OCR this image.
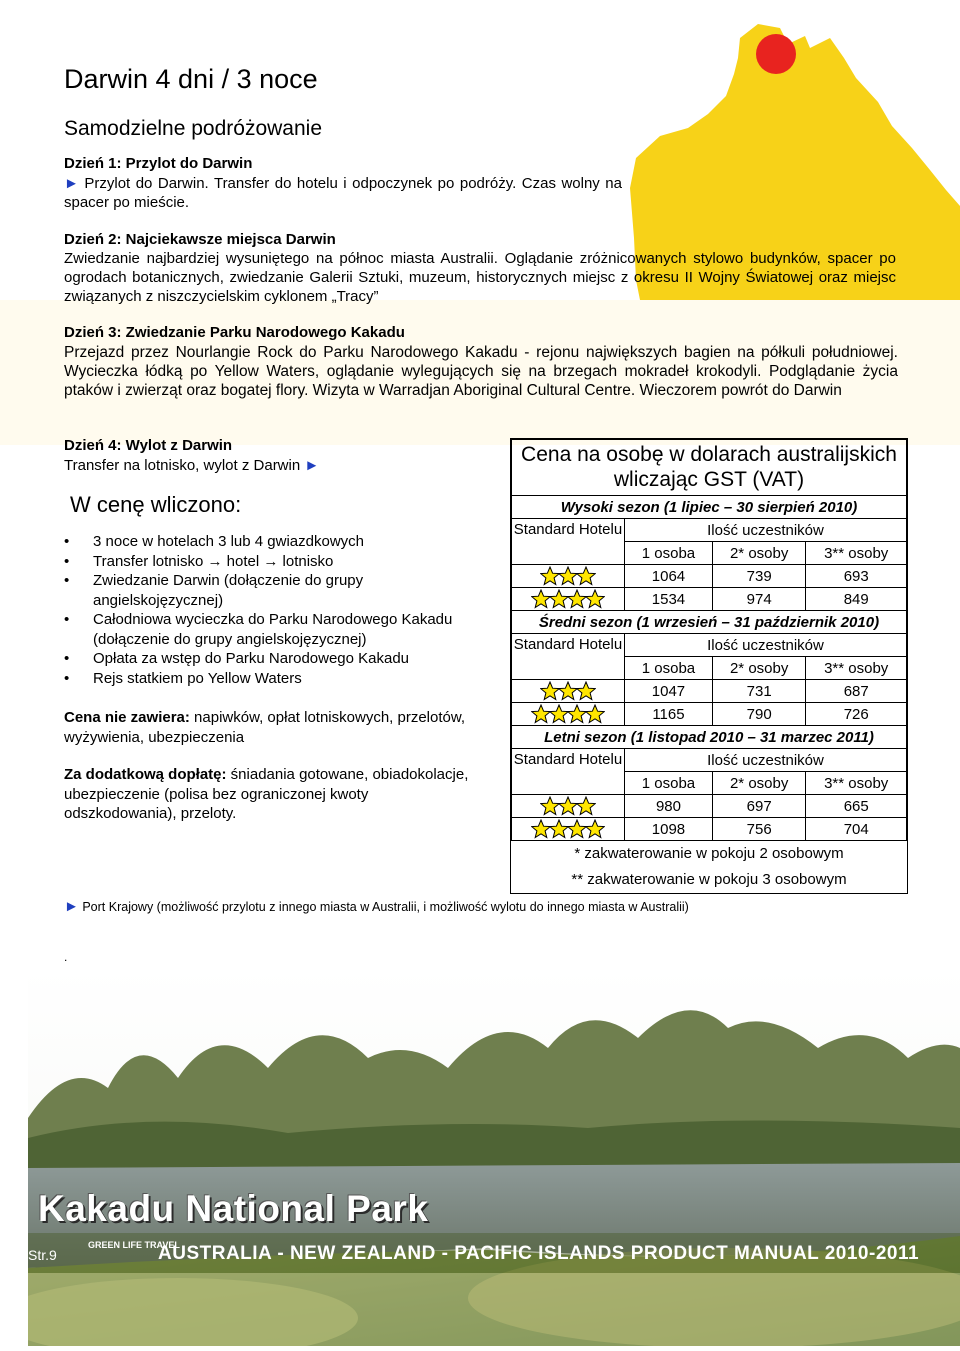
Darwin 4 dni / 3 noce
Samodzielne podróżowanie
Dzień 1: Przylot do Darwin
► Przylot do Darwin. Transfer do hotelu i odpoczynek po podróży. Czas wolny na spacer po mieście.
Dzień 2: Najciekawsze miejsca Darwin
Zwiedzanie najbardziej wysuniętego na północ miasta Australii. Oglądanie zróżnicowanych stylowo budynków, spacer po ogrodach botanicznych, zwiedzanie Galerii Sztuki, muzeum, historycznych miejsc z okresu II Wojny Światowej oraz miejsc związanych z niszczycielskim cyklonem „Tracy”
Dzień 3: Zwiedzanie Parku Narodowego Kakadu
Przejazd przez Nourlangie Rock do Parku Narodowego Kakadu - rejonu największych bagien na półkuli południowej. Wycieczka łódką po Yellow Waters, oglądanie wylegujących się na brzegach mokradeł krokodyli. Podglądanie życia ptaków i zwierząt oraz bogatej flory. Wizyta w Warradjan Aboriginal Cultural Centre. Wieczorem powrót do Darwin
Dzień 4: Wylot z Darwin
Transfer na lotnisko, wylot z Darwin ►
W cenę wliczono:
• 3 noce w hotelach 3 lub 4 gwiazdkowych
• Transfer lotnisko → hotel → lotnisko
• Zwiedzanie Darwin (dołączenie do grupy angielskojęzycznej)
• Całodniowa wycieczka do Parku Narodowego Kakadu (dołączenie do grupy angielskojęzycznej)
• Opłata za wstęp do Parku Narodowego Kakadu
• Rejs statkiem po Yellow Waters
Cena nie zawiera: napiwków, opłat lotniskowych, przelotów, wyżywienia, ubezpieczenia
Za dodatkową dopłatę: śniadania gotowane, obiadokolacje, ubezpieczenie (polisa bez ograniczonej kwoty odszkodowania), przeloty.
Cena na osobę w dolarach australijskich wliczając GST (VAT)			
Wysoki sezon (1 lipiec – 30 sierpień 2010)			
Standard Hotelu	Ilość uczestników		
	1 osoba	2* osoby	3** osoby
	1064	739	693
	1534	974	849
Średni sezon (1 wrzesień – 31 październik 2010)			
Standard Hotelu	Ilość uczestników		
	1 osoba	2* osoby	3** osoby
	1047	731	687
	1165	790	726
Letni sezon (1 listopad 2010 – 31 marzec 2011)			
Standard Hotelu	Ilość uczestników		
	1 osoba	2* osoby	3** osoby
	980	697	665
	1098	756	704
* zakwaterowanie w pokoju 2 osobowym			
** zakwaterowanie w pokoju 3 osobowym			
► Port Krajowy (możliwość przylotu z innego miasta w Australii, i możliwość wylotu do innego miasta w Australii)
.
Kakadu National Park
GREEN LIFE TRAVEL
AUSTRALIA - NEW ZEALAND - PACIFIC ISLANDS PRODUCT MANUAL 2010-2011
Str.9
